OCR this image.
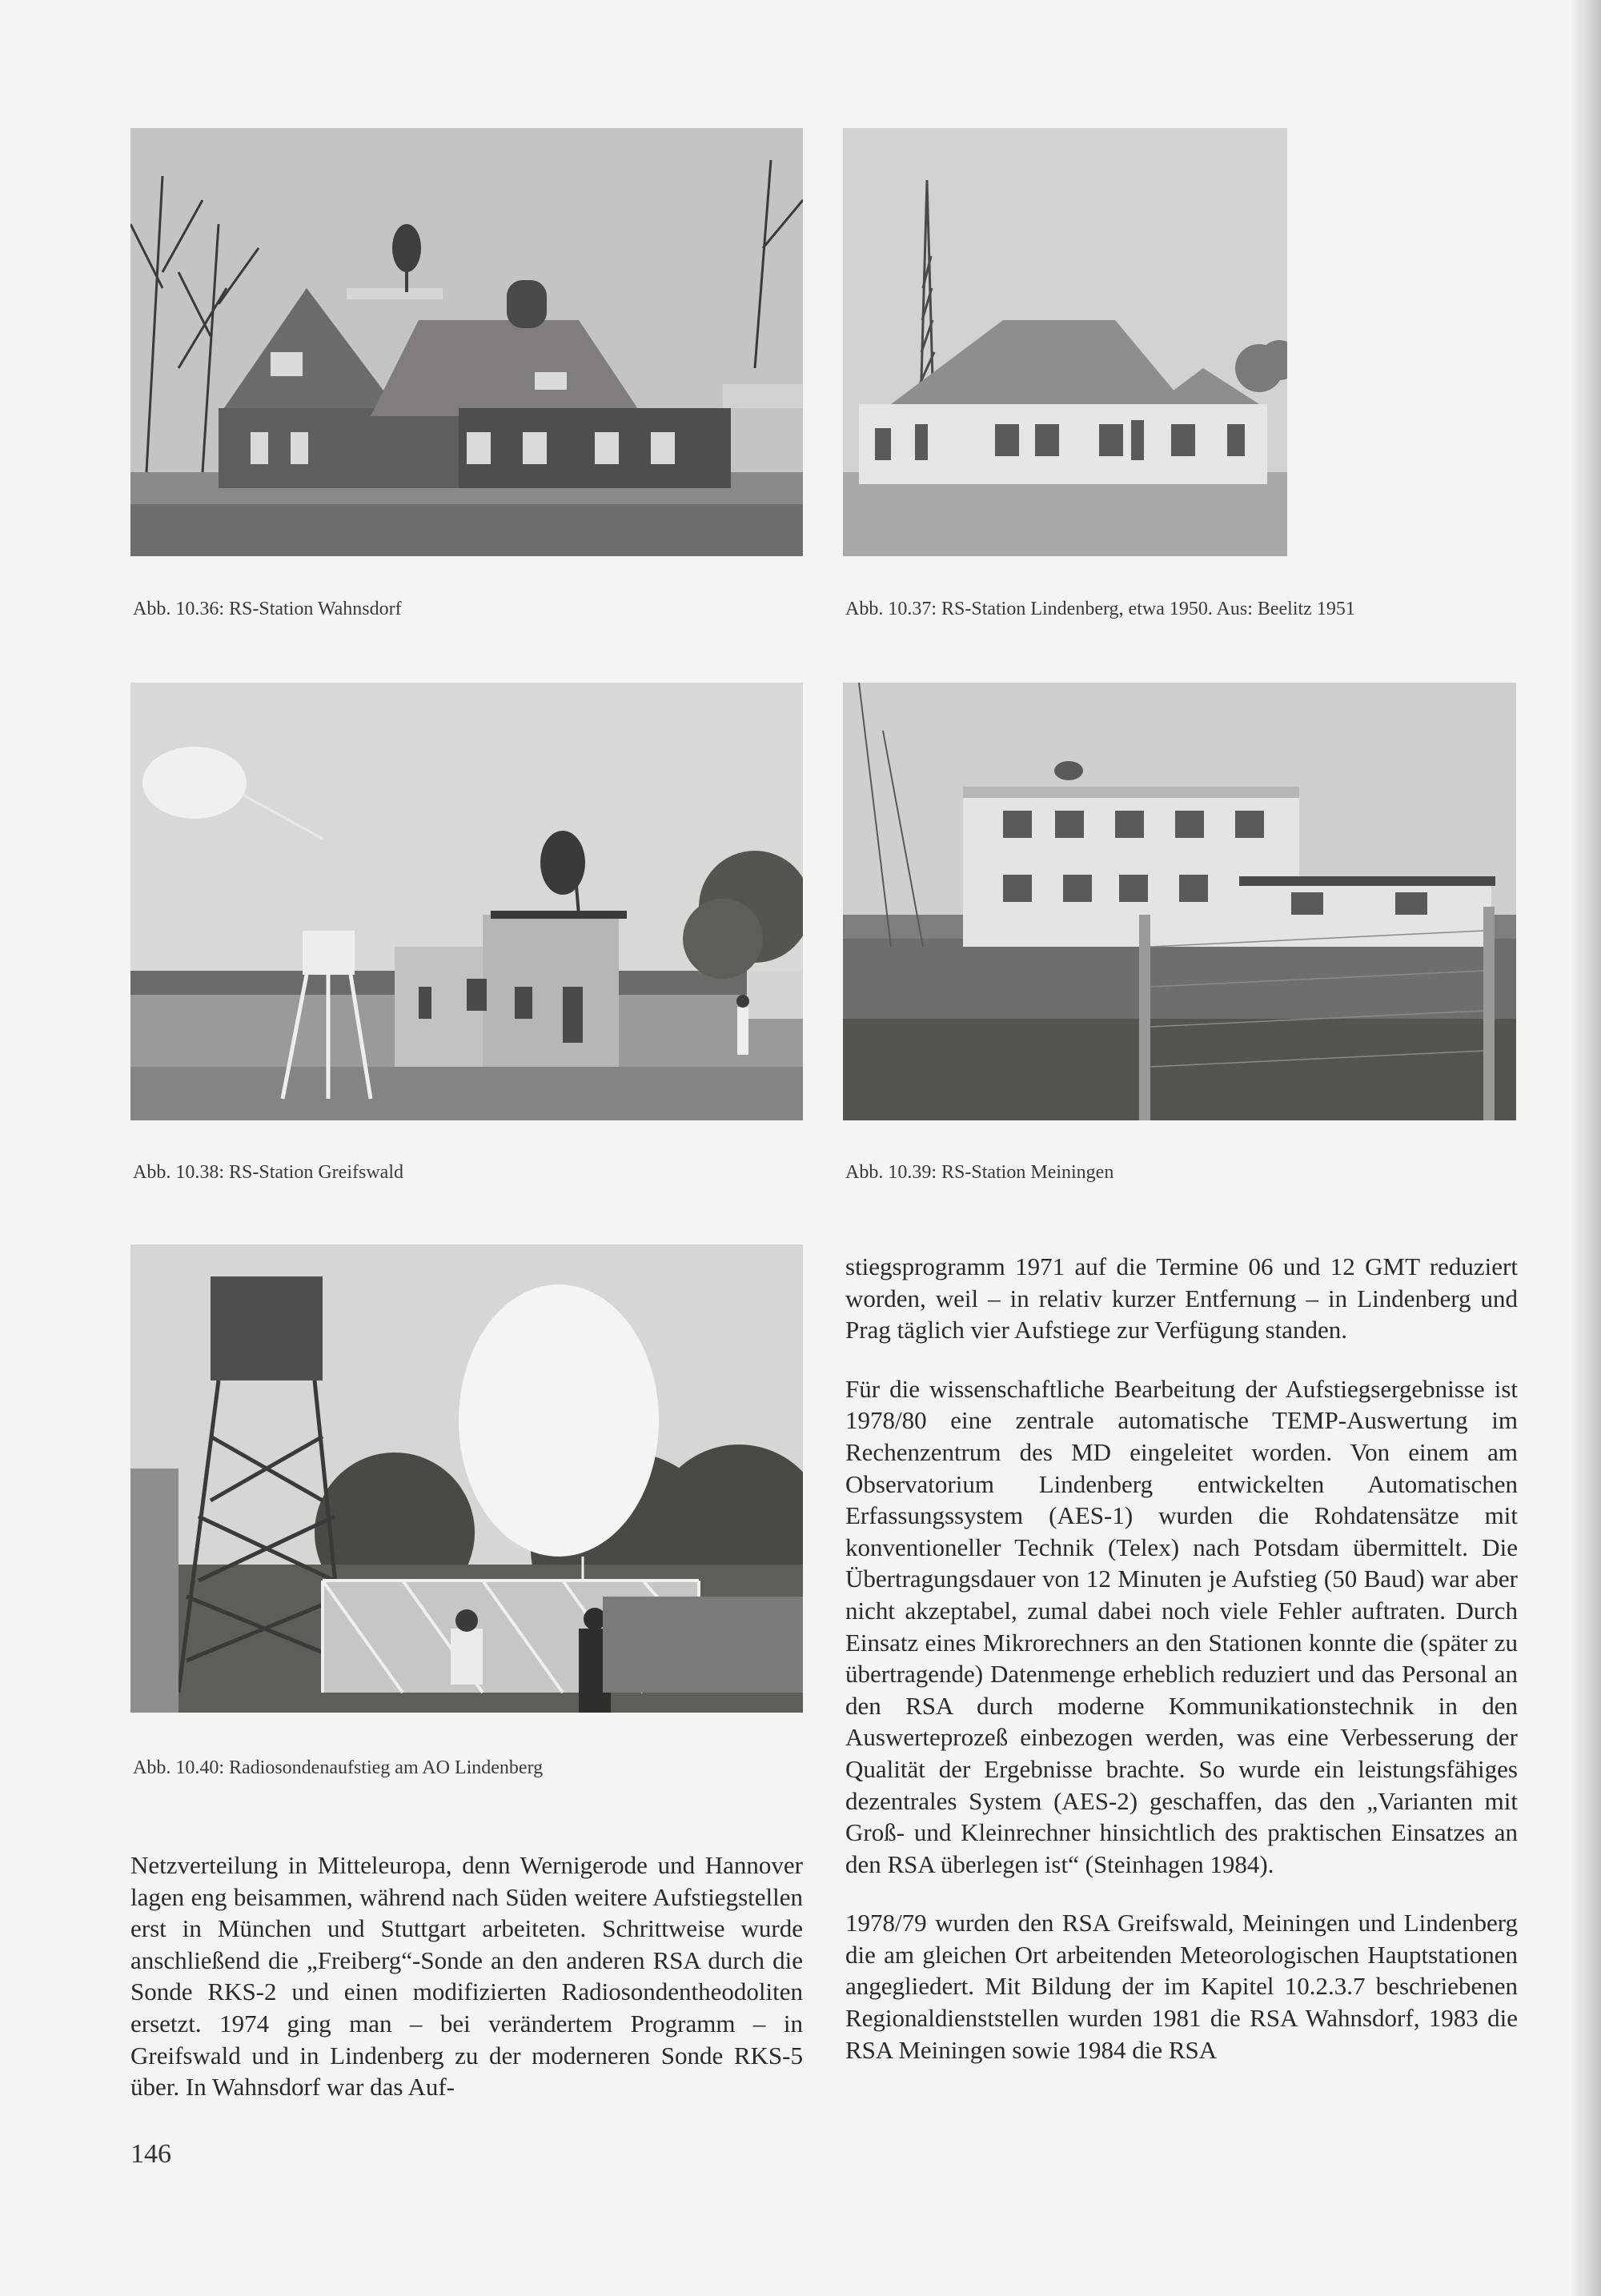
Abb. 10.36: RS-Station Wahnsdorf	Abb. 10.37: RS-Station Lindenberg, etwa 1950. Aus: Beelitz 1951
Abb. 10.38: RS-Station Greifswald	Abb. 10.39: RS-Station Meiningen
Abb. 10.40: Radiosondenaufstieg am AO Lindenberg

Netzverteilung in Mitteleuropa, denn Wernigerode und Hannover lagen eng beisammen, während nach Süden weitere Aufstiegstellen erst in München und Stuttgart arbeiteten. Schrittweise wurde anschließend die „Freiberg“-Sonde an den anderen RSA durch die Sonde RKS-2 und einen modifizierten Radiosondentheodoliten ersetzt. 1974 ging man – bei verändertem Programm – in Greifswald und in Lindenberg zu der moderneren Sonde RKS-5 über. In Wahnsdorf war das Auf-

stiegsprogramm 1971 auf die Termine 06 und 12 GMT reduziert worden, weil – in relativ kurzer Entfernung – in Lindenberg und Prag täglich vier Aufstiege zur Verfügung standen.

Für die wissenschaftliche Bearbeitung der Aufstiegsergebnisse ist 1978/80 eine zentrale automatische TEMP-Auswertung im Rechenzentrum des MD eingeleitet worden. Von einem am Observatorium Lindenberg entwickelten Automatischen Erfassungssystem (AES-1) wurden die Rohdatensätze mit konventioneller Technik (Telex) nach Potsdam übermittelt. Die Übertragungsdauer von 12 Minuten je Aufstieg (50 Baud) war aber nicht akzeptabel, zumal dabei noch viele Fehler auftraten. Durch Einsatz eines Mikrorechners an den Stationen konnte die (später zu übertragende) Datenmenge erheblich reduziert und das Personal an den RSA durch moderne Kommunikationstechnik in den Auswerteprozeß einbezogen werden, was eine Verbesserung der Qualität der Ergebnisse brachte. So wurde ein leistungsfähiges dezentrales System (AES-2) geschaffen, das den „Varianten mit Groß- und Kleinrechner hinsichtlich des praktischen Einsatzes an den RSA überlegen ist“ (Steinhagen 1984).

1978/79 wurden den RSA Greifswald, Meiningen und Lindenberg die am gleichen Ort arbeitenden Meteorologischen Hauptstationen angegliedert. Mit Bildung der im Kapitel 10.2.3.7 beschriebenen Regionaldienststellen wurden 1981 die RSA Wahnsdorf, 1983 die RSA Meiningen sowie 1984 die RSA

146
